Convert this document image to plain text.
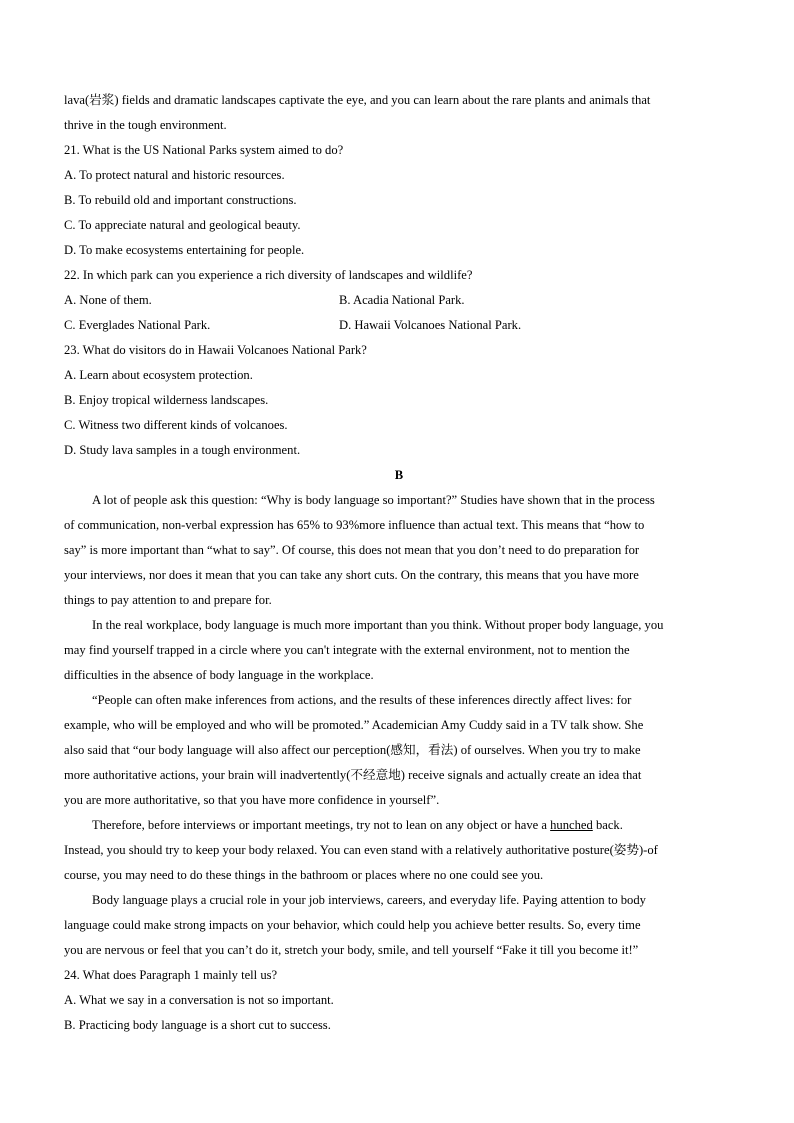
lava(岩浆) fields and dramatic landscapes captivate the eye, and you can learn about the rare plants and animals that
thrive in the tough environment.
21. What is the US National Parks system aimed to do?
A. To protect natural and historic resources.
B. To rebuild old and important constructions.
C. To appreciate natural and geological beauty.
D. To make ecosystems entertaining for people.
22. In which park can you experience a rich diversity of landscapes and wildlife?
A. None of them.	B. Acadia National Park.
C. Everglades National Park.	D. Hawaii Volcanoes National Park.
23. What do visitors do in Hawaii Volcanoes National Park?
A. Learn about ecosystem protection.
B. Enjoy tropical wilderness landscapes.
C. Witness two different kinds of volcanoes.
D. Study lava samples in a tough environment.
B
A lot of people ask this question: “Why is body language so important?” Studies have shown that in the process
of communication, non-verbal expression has 65% to 93%more influence than actual text. This means that “how to
say” is more important than “what to say”. Of course, this does not mean that you don’t need to do preparation for
your interviews, nor does it mean that you can take any short cuts. On the contrary, this means that you have more
things to pay attention to and prepare for.
In the real workplace, body language is much more important than you think. Without proper body language, you
may find yourself trapped in a circle where you can't integrate with the external environment, not to mention the
difficulties in the absence of body language in the workplace.
“People can often make inferences from actions, and the results of these inferences directly affect lives: for
example, who will be employed and who will be promoted.” Academician Amy Cuddy said in a TV talk show. She
also said that “our body language will also affect our perception(感知，看法) of ourselves. When you try to make
more authoritative actions, your brain will inadvertently(不经意地) receive signals and actually create an idea that
you are more authoritative, so that you have more confidence in yourself”.
Therefore, before interviews or important meetings, try not to lean on any object or have a hunched back.
Instead, you should try to keep your body relaxed. You can even stand with a relatively authoritative posture(姿势)-of
course, you may need to do these things in the bathroom or places where no one could see you.
Body language plays a crucial role in your job interviews, careers, and everyday life. Paying attention to body
language could make strong impacts on your behavior, which could help you achieve better results. So, every time
you are nervous or feel that you can’t do it, stretch your body, smile, and tell yourself “Fake it till you become it!”
24. What does Paragraph 1 mainly tell us?
A. What we say in a conversation is not so important.
B. Practicing body language is a short cut to success.
